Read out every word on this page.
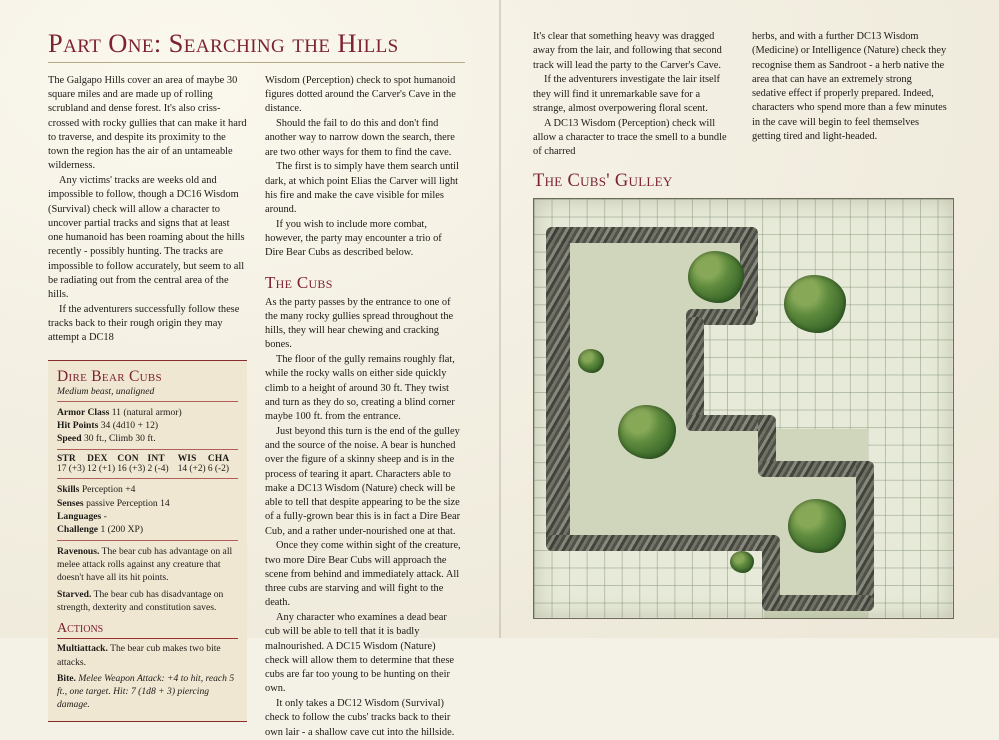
Part One: Searching the Hills

The Galgapo Hills cover an area of maybe 30 square miles and are made up of rolling scrubland and dense forest. It's also criss-crossed with rocky gullies that can make it hard to traverse, and despite its proximity to the town the region has the air of an untameable wilderness.

Any victims' tracks are weeks old and impossible to follow, though a DC16 Wisdom (Survival) check will allow a character to uncover partial tracks and signs that at least one humanoid has been roaming about the hills recently - possibly hunting. The tracks are impossible to follow accurately, but seem to all be radiating out from the central area of the hills.

If the adventurers successfully follow these tracks back to their rough origin they may attempt a DC18

Dire Bear Cubs
Medium beast, unaligned
Armor Class 11 (natural armor)
Hit Points 34 (4d10 + 12)
Speed 30 ft., Climb 30 ft.
STR
17 (+3)
DEX
12 (+1)
CON
16 (+3)
INT
2 (-4)
WIS
14 (+2)
CHA
6 (-2)
Skills Perception +4
Senses passive Perception 14
Languages -
Challenge 1 (200 XP)
Ravenous. The bear cub has advantage on all melee attack rolls against any creature that doesn't have all its hit points.
Starved. The bear cub has disadvantage on strength, dexterity and constitution saves.
Actions
Multiattack. The bear cub makes two bite attacks.
Bite. Melee Weapon Attack: +4 to hit, reach 5 ft., one target. Hit: 7 (1d8 + 3) piercing damage.

Wisdom (Perception) check to spot humanoid figures dotted around the Carver's Cave in the distance.

Should the fail to do this and don't find another way to narrow down the search, there are two other ways for them to find the cave.

The first is to simply have them search until dark, at which point Elias the Carver will light his fire and make the cave visible for miles around.

If you wish to include more combat, however, the party may encounter a trio of Dire Bear Cubs as described below.

The Cubs

As the party passes by the entrance to one of the many rocky gullies spread throughout the hills, they will hear chewing and cracking bones.

The floor of the gully remains roughly flat, while the rocky walls on either side quickly climb to a height of around 30 ft. They twist and turn as they do so, creating a blind corner maybe 100 ft. from the entrance.

Just beyond this turn is the end of the gulley and the source of the noise. A bear is hunched over the figure of a skinny sheep and is in the process of tearing it apart. Characters able to make a DC13 Wisdom (Nature) check will be able to tell that despite appearing to be the size of a fully-grown bear this is in fact a Dire Bear Cub, and a rather under-nourished one at that.

Once they come within sight of the creature, two more Dire Bear Cubs will approach the scene from behind and immediately attack. All three cubs are starving and will fight to the death.

Any character who examines a dead bear cub will be able to tell that it is badly malnourished. A DC15 Wisdom (Nature) check will allow them to determine that these cubs are far too young to be hunting on their own.

It only takes a DC12 Wisdom (Survival) check to follow the cubs' tracks back to their own lair - a shallow cave cut into the hillside.

It's clear that something heavy was dragged away from the lair, and following that second track will lead the party to the Carver's Cave.

If the adventurers investigate the lair itself they will find it unremarkable save for a strange, almost overpowering floral scent.

A DC13 Wisdom (Perception) check will allow a character to trace the smell to a bundle of charred

herbs, and with a further DC13 Wisdom (Medicine) or Intelligence (Nature) check they recognise them as Sandroot - a herb native the area that can have an extremely strong sedative effect if properly prepared. Indeed, characters who spend more than a few minutes in the cave will begin to feel themselves getting tired and light-headed.

The Cubs' Gulley
